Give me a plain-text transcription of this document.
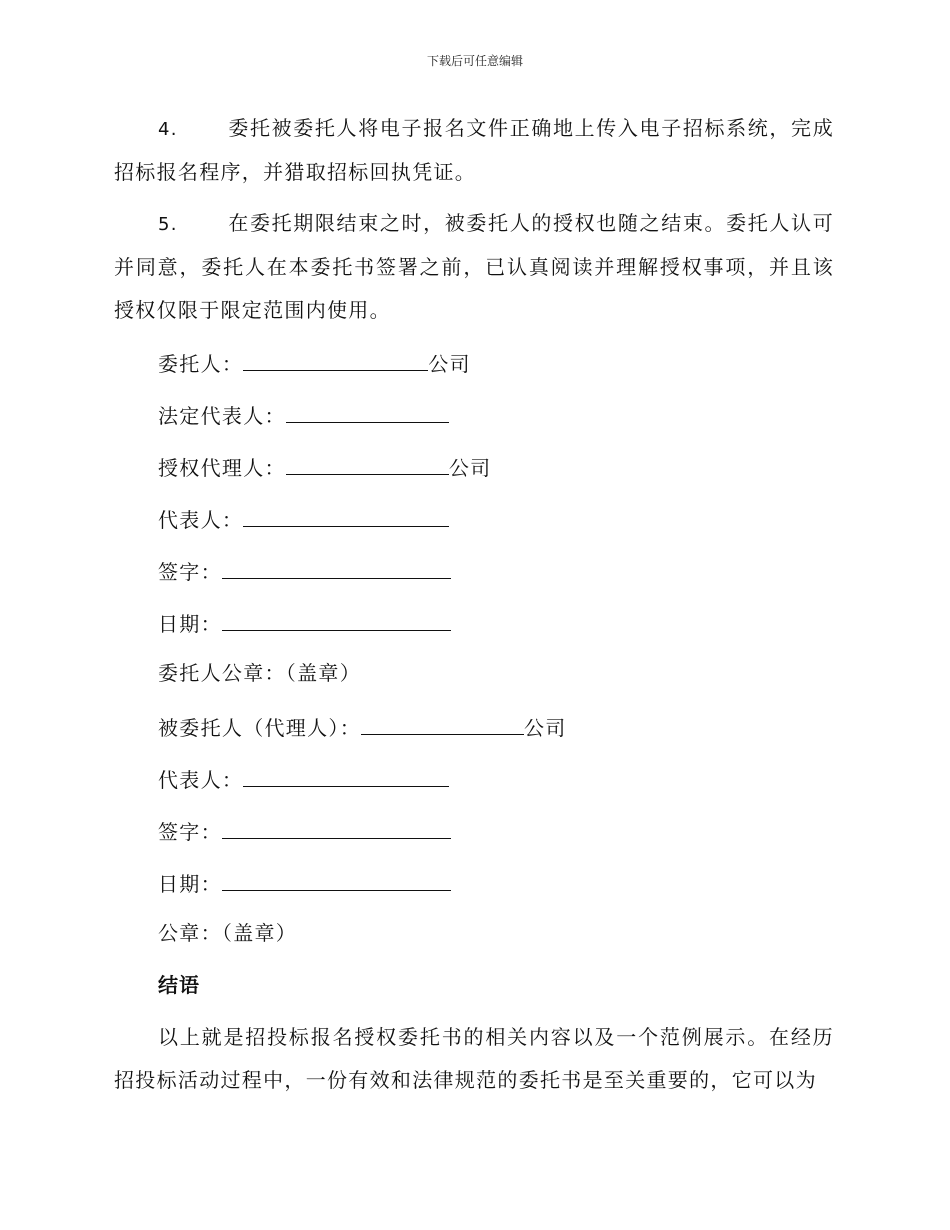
下载后可任意编辑

4.	委托被委托人将电子报名文件正确地上传入电子招标系统，完成招标报名程序，并猎取招标回执凭证。

5.	在委托期限结束之时，被委托人的授权也随之结束。委托人认可并同意，委托人在本委托书签署之前，已认真阅读并理解授权事项，并且该授权仅限于限定范围内使用。

委托人：	公司
法定代表人：
授权代理人：	公司
代表人：
签字：
日期：
委托人公章：（盖章）
被委托人（代理人）：	公司
代表人：
签字：
日期：
公章：（盖章）
结语

以上就是招投标报名授权委托书的相关内容以及一个范例展示。在经历招投标活动过程中，一份有效和法律规范的委托书是至关重要的，它可以为
